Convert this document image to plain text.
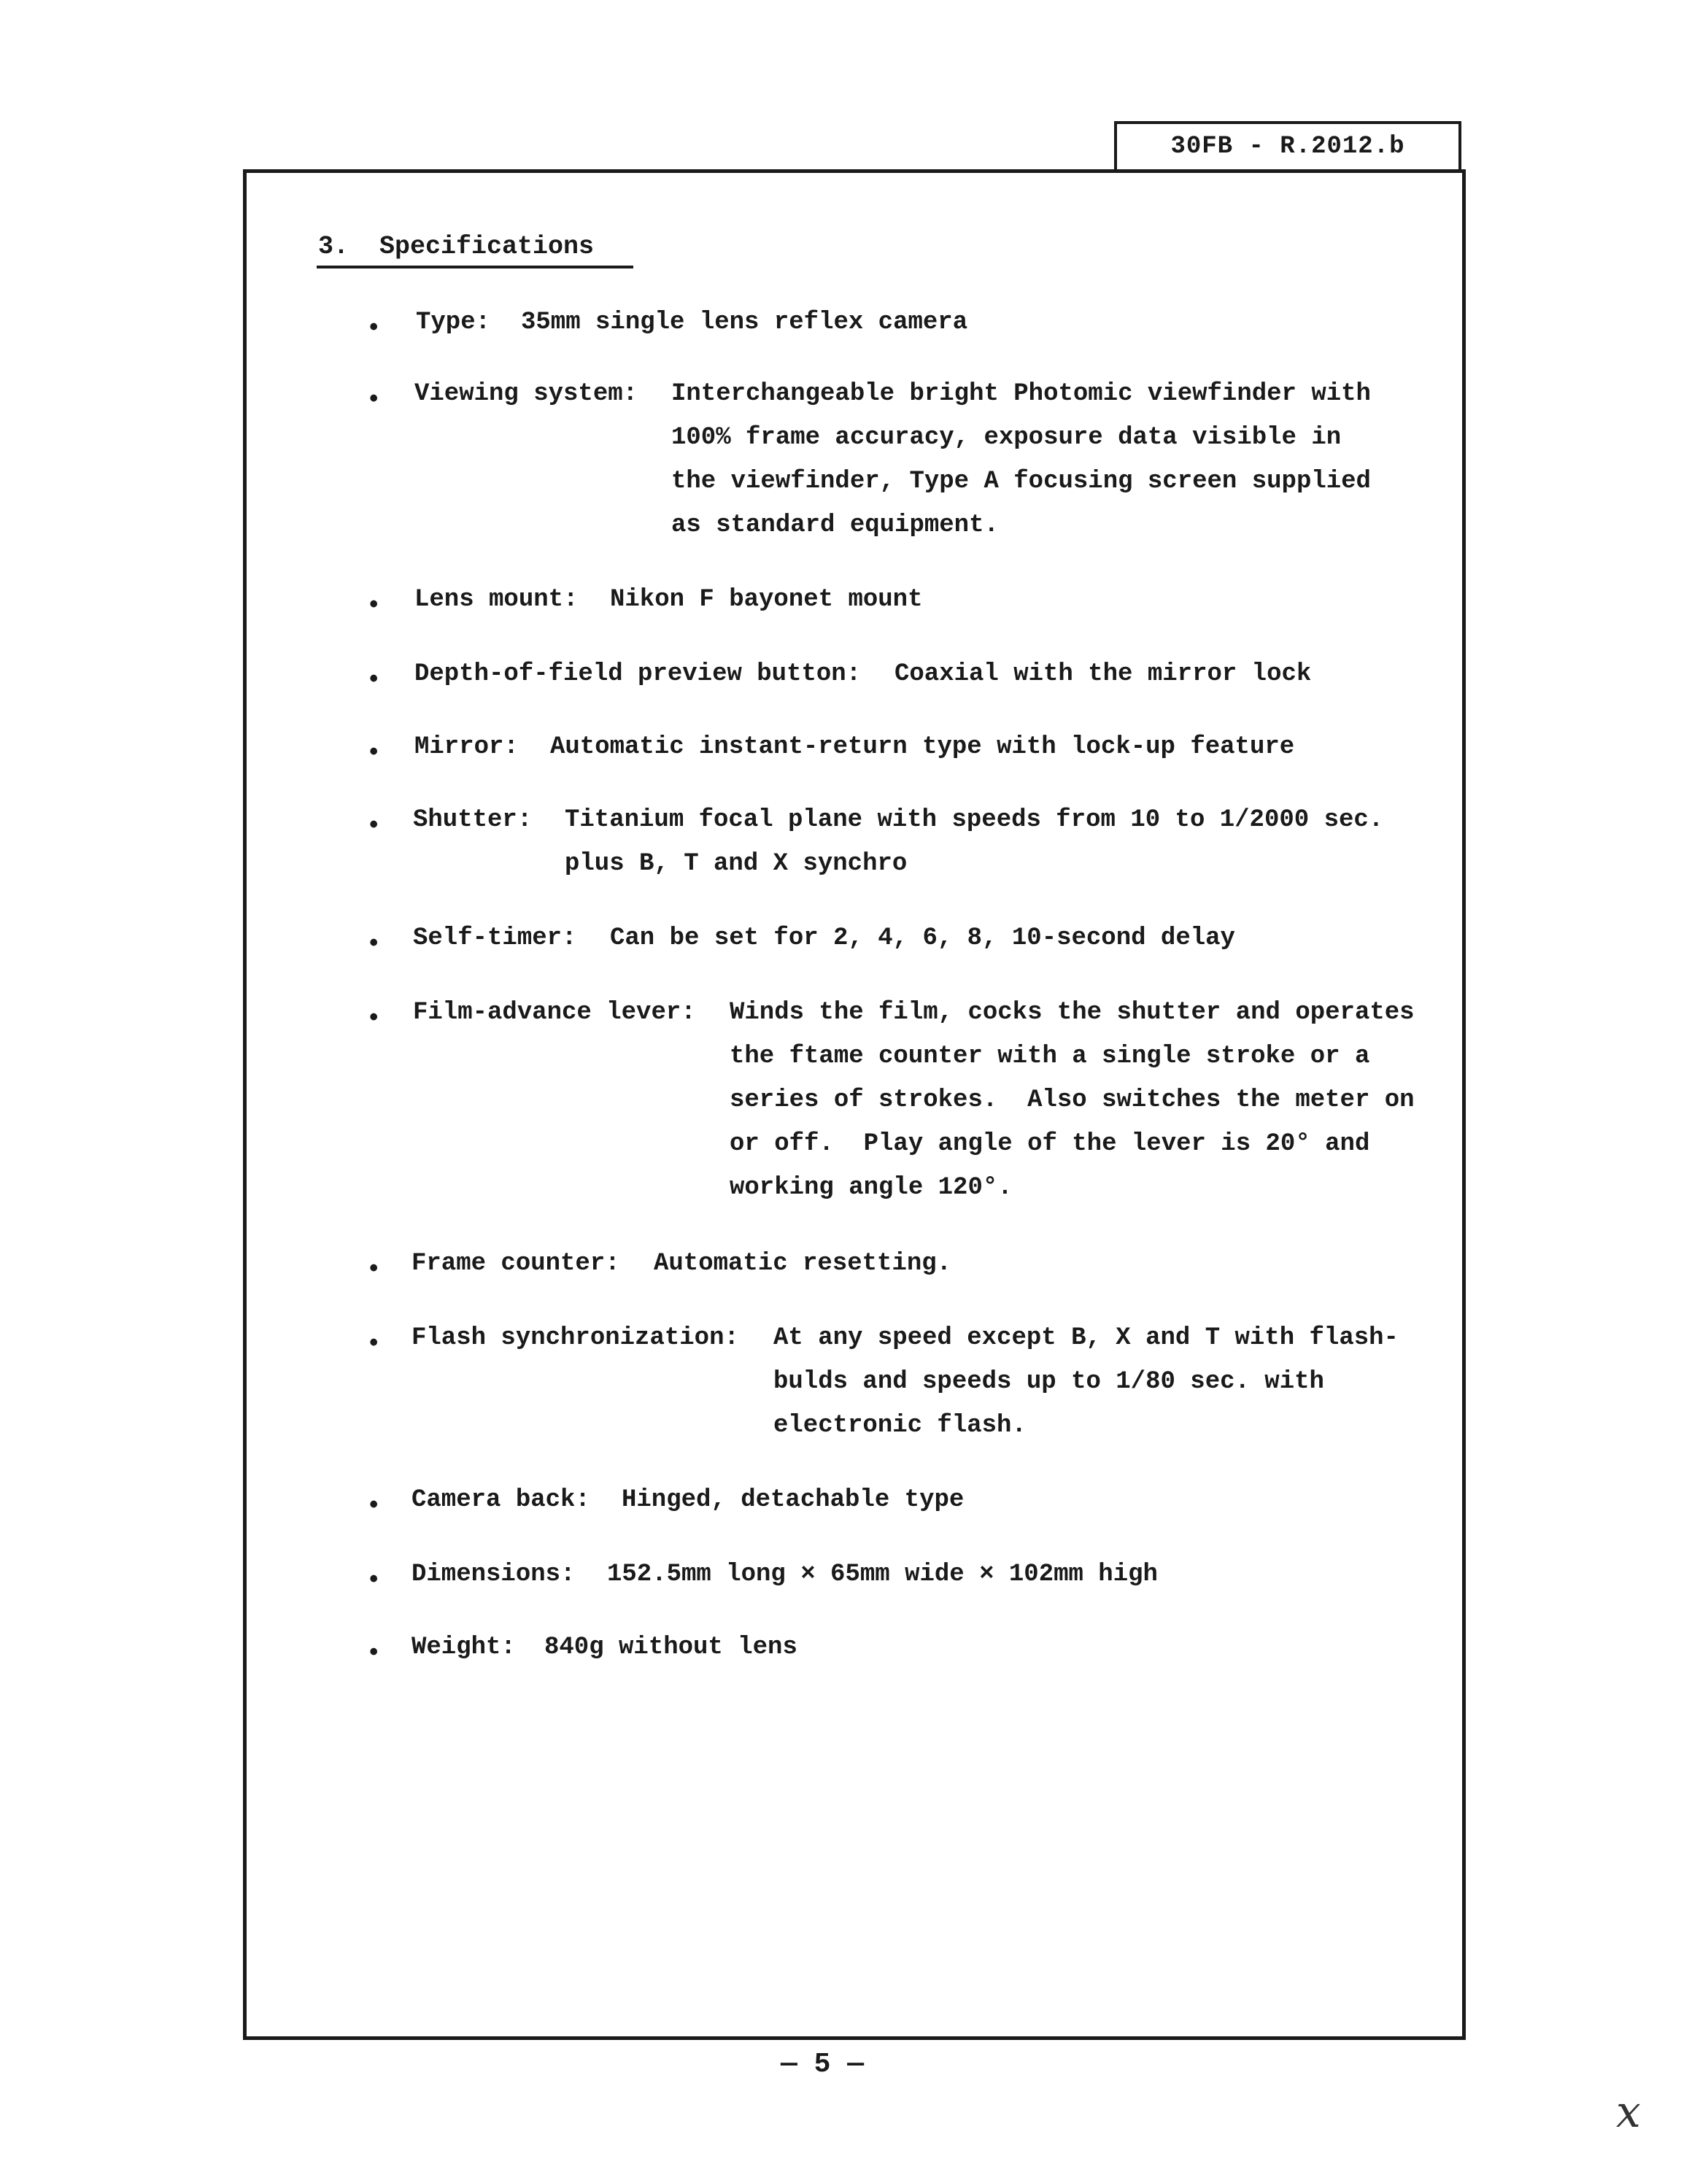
30FB - R.2012.b
3.  Specifications
• Type: 35mm single lens reflex camera
• Viewing system: Interchangeable bright Photomic viewfinder with
100% frame accuracy, exposure data visible in
the viewfinder, Type A focusing screen supplied
as standard equipment.
• Lens mount: Nikon F bayonet mount
• Depth-of-field preview button: Coaxial with the mirror lock
• Mirror: Automatic instant-return type with lock-up feature
• Shutter: Titanium focal plane with speeds from 10 to 1/2000 sec.
plus B, T and X synchro
• Self-timer: Can be set for 2, 4, 6, 8, 10-second delay
• Film-advance lever: Winds the film, cocks the shutter and operates
the ftame counter with a single stroke or a
series of strokes.  Also switches the meter on
or off.  Play angle of the lever is 20° and
working angle 120°.
• Frame counter: Automatic resetting.
• Flash synchronization: At any speed except B, X and T with flash-
bulds and speeds up to 1/80 sec. with
electronic flash.
• Camera back: Hinged, detachable type
• Dimensions: 152.5mm long × 65mm wide × 102mm high
• Weight: 840g without lens
— 5 —
x
